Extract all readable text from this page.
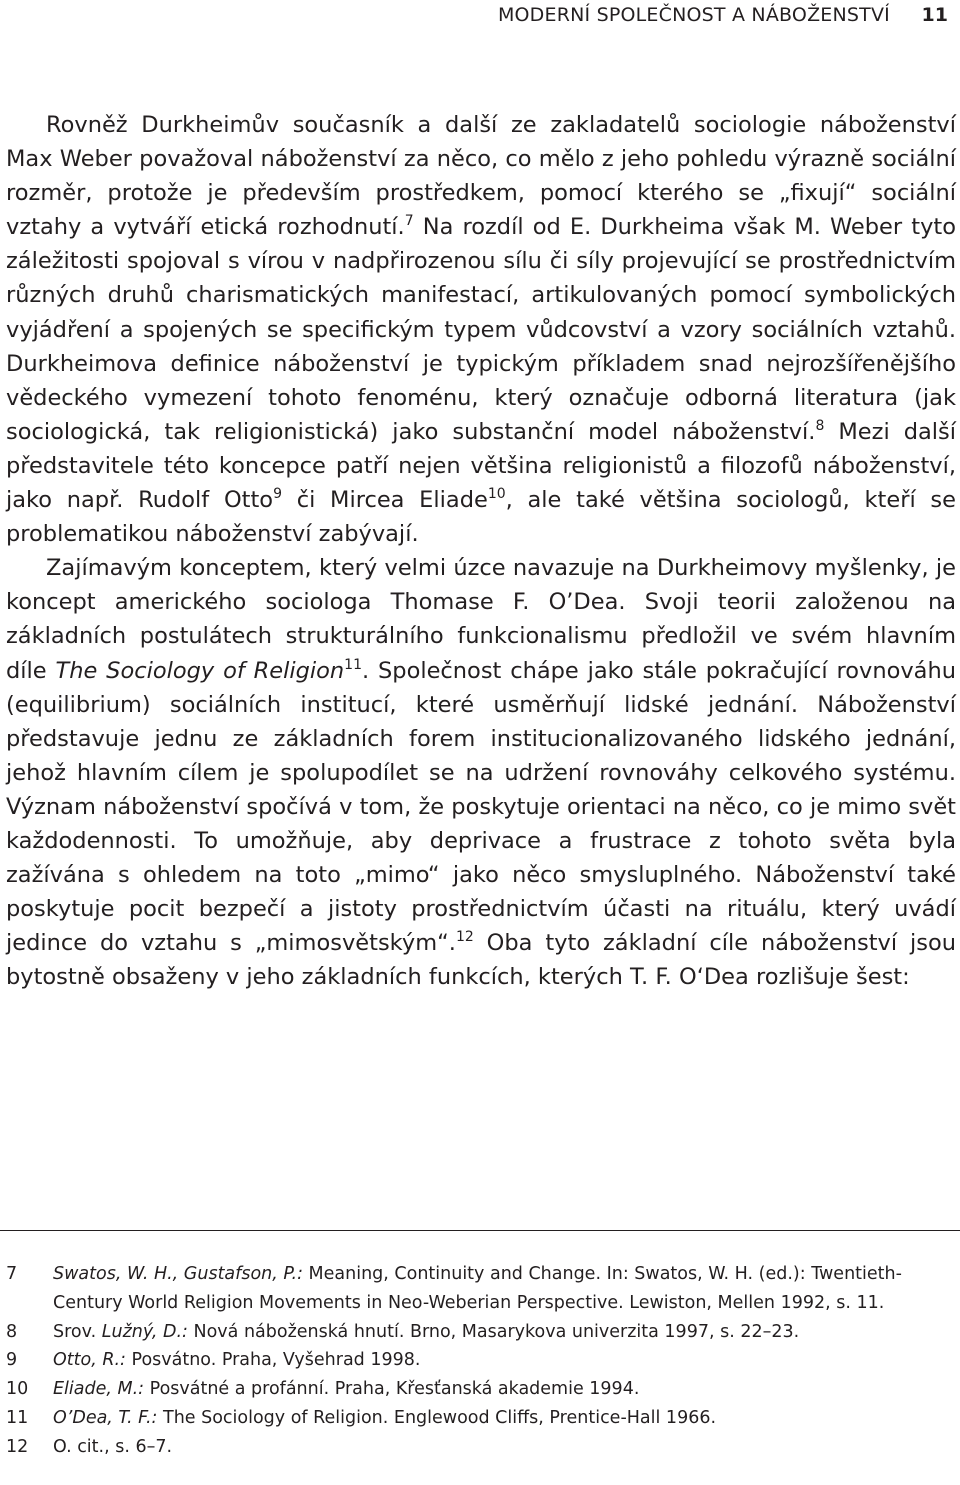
MODERNÍ SPOLEČNOST A NÁBOŽENSTVÍ 11

Rovněž Durkheimův současník a další ze zakladatelů sociologie náboženství Max Weber považoval náboženství za něco, co mělo z jeho pohledu výrazně sociální rozměr, protože je především prostředkem, pomocí kterého se „fixují“ sociální vztahy a vytváří etická rozhodnutí.$^7$ Na rozdíl od E. Durkheima však M. Weber tyto záležitosti spojoval s vírou v nadpřirozenou sílu či síly projevující se prostřednictvím různých druhů charismatických manifestací, artikulovaných pomocí symbolických vyjádření a spojených se specifickým typem vůdcovství a vzory sociálních vztahů. Durkheimova definice náboženství je typickým příkladem snad nejrozšířenějšího vědeckého vymezení tohoto fenoménu, který označuje odborná literatura (jak sociologická, tak religionistická) jako substanční model náboženství.$^8$ Mezi další představitele této koncepce patří nejen většina religionistů a filozofů náboženství, jako např. Rudolf Otto$^9$ či Mircea Eliade$^{10}$, ale také většina sociologů, kteří se problematikou náboženství zabývají.

Zajímavým konceptem, který velmi úzce navazuje na Durkheimovy myšlenky, je koncept amerického sociologa Thomase F. O’Dea. Svoji teorii založenou na základních postulátech strukturálního funkcionalismu předložil ve svém hlavním díle The Sociology of Religion$^{11}$. Společnost chápe jako stále pokračující rovnováhu (equilibrium) sociálních institucí, které usměrňují lidské jednání. Náboženství představuje jednu ze základních forem institucionalizovaného lidského jednání, jehož hlavním cílem je spolupodílet se na udržení rovnováhy celkového systému. Význam náboženství spočívá v tom, že poskytuje orientaci na něco, co je mimo svět každodennosti. To umožňuje, aby deprivace a frustrace z tohoto světa byla zažívána s ohledem na toto „mimo“ jako něco smysluplného. Náboženství také poskytuje pocit bezpečí a jistoty prostřednictvím účasti na rituálu, který uvádí jedince do vztahu s „mimosvětským“.$^{12}$ Oba tyto základní cíle náboženství jsou bytostně obsaženy v jeho základních funkcích, kterých T. F. O‘Dea rozlišuje šest:

7	Swatos, W. H., Gustafson, P.: Meaning, Continuity and Change. In: Swatos, W. H. (ed.): Twentieth-Century World Religion Movements in Neo-Weberian Perspective. Lewiston, Mellen 1992, s. 11.
8	Srov. Lužný, D.: Nová náboženská hnutí. Brno, Masarykova univerzita 1997, s. 22–23.
9	Otto, R.: Posvátno. Praha, Vyšehrad 1998.
10	Eliade, M.: Posvátné a profánní. Praha, Křesťanská akademie 1994.
11	O’Dea, T. F.: The Sociology of Religion. Englewood Cliffs, Prentice-Hall 1966.
12	O. cit., s. 6–7.
